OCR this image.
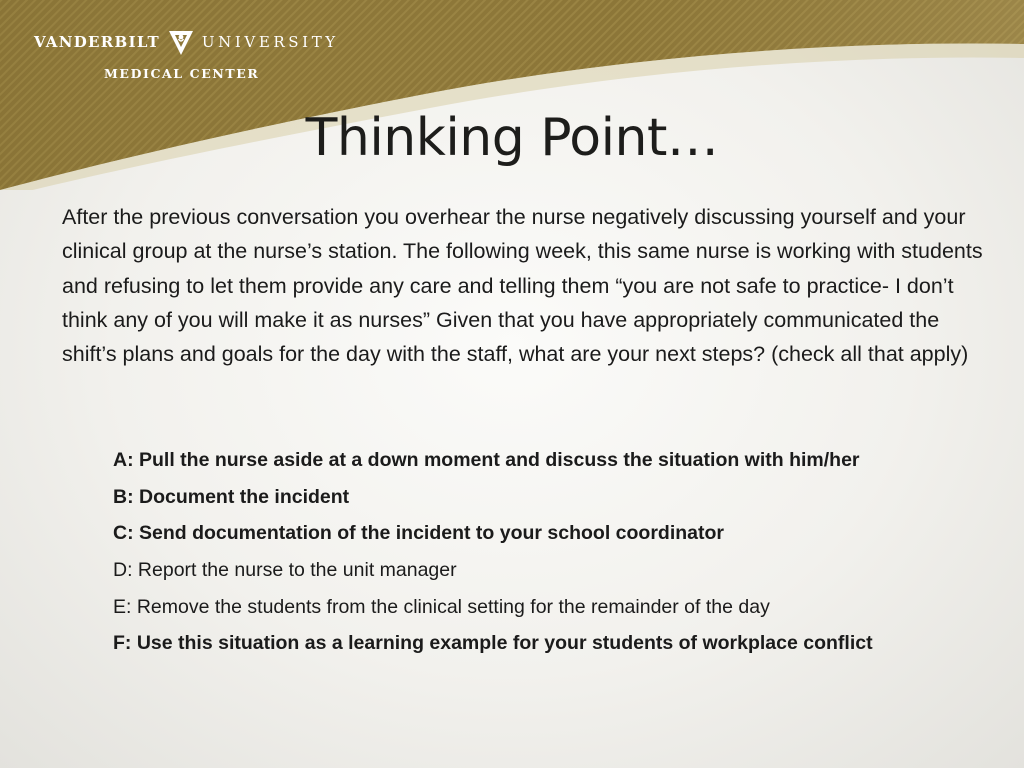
VANDERBILT	UNIVERSITY
MEDICAL CENTER
Thinking Point…
After the previous conversation you overhear the nurse negatively discussing yourself and your clinical group at the nurse’s station. The following week, this same nurse is working with students and refusing to let them provide any care and telling them “you are not safe to practice- I don’t think any of you will make it as nurses” Given that you have appropriately communicated the shift’s plans and goals for the day with the staff, what are your next steps? (check all that apply)
A: Pull the nurse aside at a down moment and discuss the situation with him/her
B: Document the incident
C: Send documentation of the incident to your school coordinator
D: Report the nurse to the unit manager
E: Remove the students from the clinical setting for the remainder of the day
F: Use this situation as a learning example for your students of workplace conflict
